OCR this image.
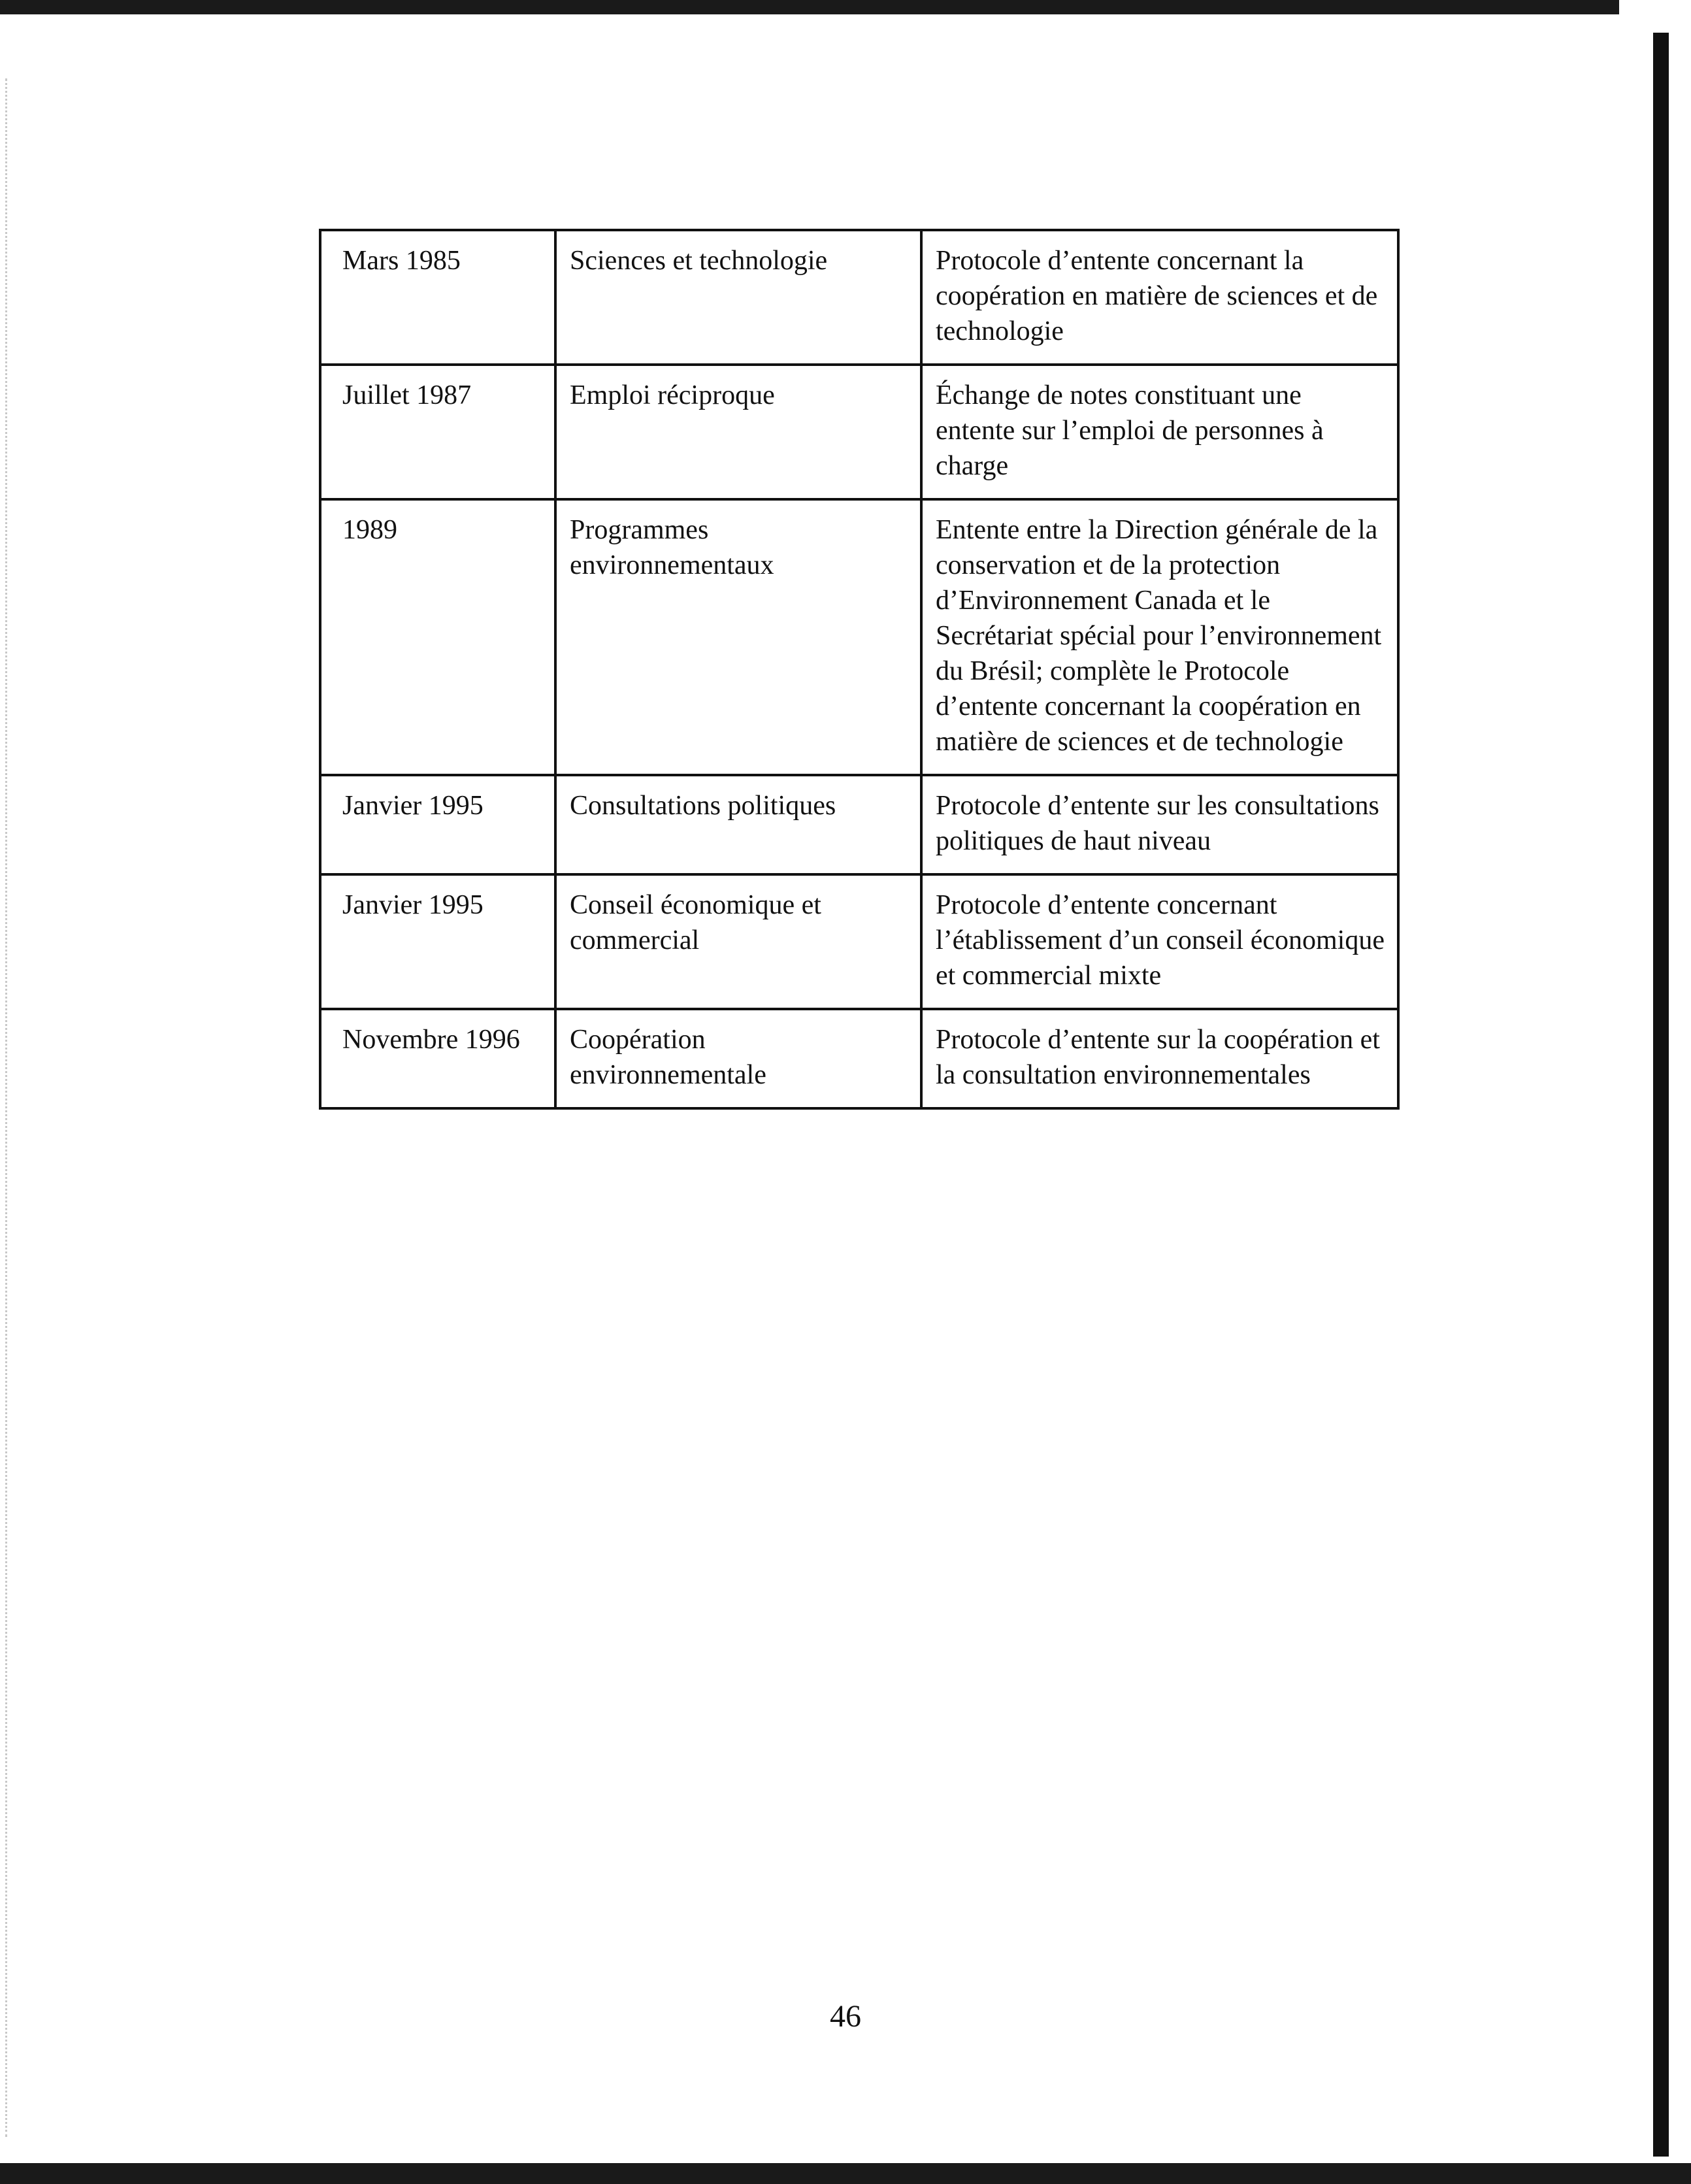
Mars 1985	Sciences et technologie	Protocole d’entente concernant la coopération en matière de sciences et de technologie
Juillet 1987	Emploi réciproque	Échange de notes constituant une entente sur l’emploi de personnes à charge
1989	Programmes environnementaux	Entente entre la Direction générale de la conservation et de la protection d’Environnement Canada et le Secrétariat spécial pour l’environnement du Brésil; complète le Protocole d’entente concernant la coopération en matière de sciences et de technologie
Janvier 1995	Consultations politiques	Protocole d’entente sur les consultations politiques de haut niveau
Janvier 1995	Conseil économique et commercial	Protocole d’entente concernant l’établissement d’un conseil économique et commercial mixte
Novembre 1996	Coopération environnementale	Protocole d’entente sur la coopération et la consultation environnementales
46
